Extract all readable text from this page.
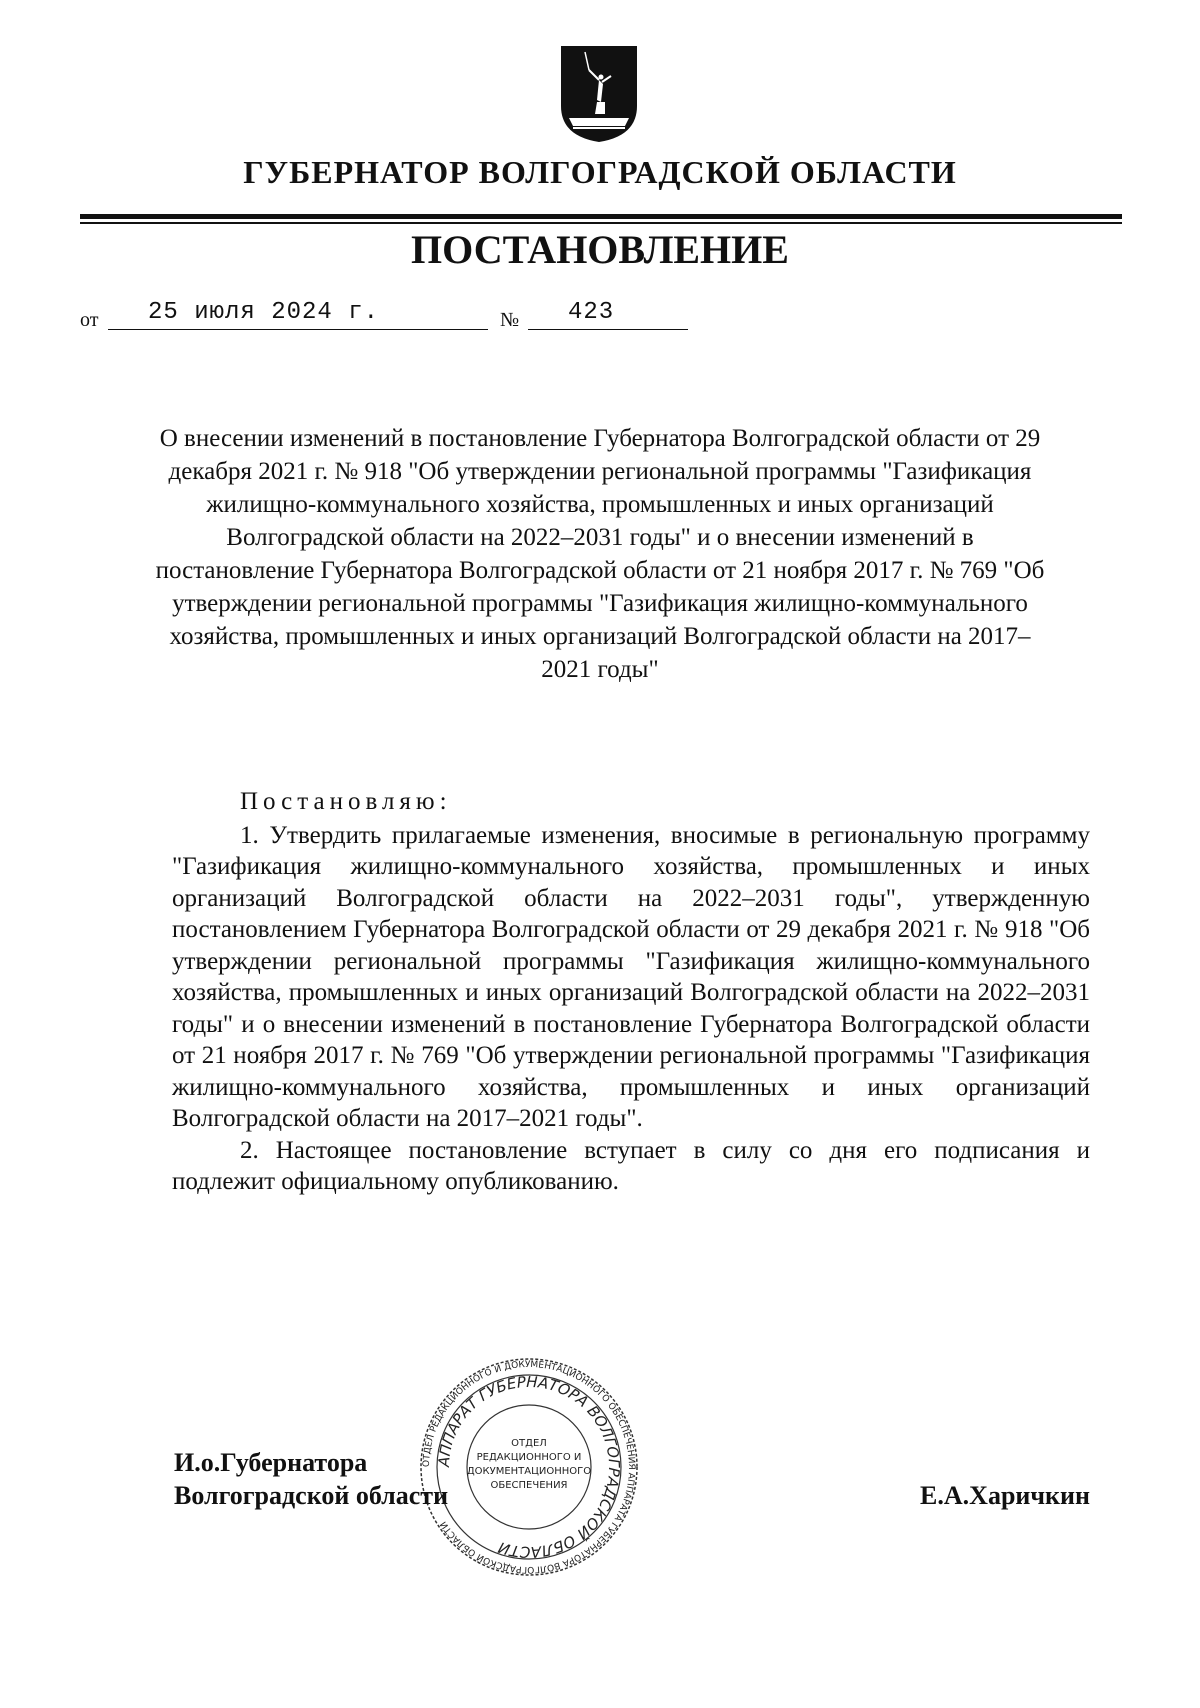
ГУБЕРНАТОР ВОЛГОГРАДСКОЙ ОБЛАСТИ
ПОСТАНОВЛЕНИЕ
от 25 июля 2024 г.	№ 423
О внесении изменений в постановление Губернатора Волгоградской области от 29 декабря 2021 г. № 918 "Об утверждении региональной программы "Газификация жилищно-коммунального хозяйства, промышленных и иных организаций Волгоградской области на 2022–2031 годы" и о внесении изменений в постановление Губернатора Волгоградской области от 21 ноября 2017 г. № 769 "Об утверждении региональной программы "Газификация жилищно-коммунального хозяйства, промышленных и иных организаций Волгоградской области на 2017–2021 годы"

Постановляю:

1. Утвердить прилагаемые изменения, вносимые в региональную программу "Газификация жилищно-коммунального хозяйства, промышленных и иных организаций Волгоградской области на 2022–2031 годы", утвержденную постановлением Губернатора Волгоградской области от 29 декабря 2021 г. № 918 "Об утверждении региональной программы "Газификация жилищно-коммунального хозяйства, промышленных и иных организаций Волгоградской области на 2022–2031 годы" и о внесении изменений в постановление Губернатора Волгоградской области от 21 ноября 2017 г. № 769 "Об утверждении региональной программы "Газификация жилищно-коммунального хозяйства, промышленных и иных организаций Волгоградской области на 2017–2021 годы".

2. Настоящее постановление вступает в силу со дня его подписания и подлежит официальному опубликованию.

ОТДЕЛ РЕДАКЦИОННОГО И ДОКУМЕНТАЦИОННОГО ОБЕСПЕЧЕНИЯ АППАРАТА ГУБЕРНАТОРА ВОЛГОГРАДСКОЙ ОБЛАСТИ
АППАРАТ ГУБЕРНАТОРА ВОЛГОГРАДСКОЙ ОБЛАСТИ
ОТДЕЛ
РЕДАКЦИОННОГО И
ДОКУМЕНТАЦИОННОГО
ОБЕСПЕЧЕНИЯ
И.о.Губернатора
Волгоградской области	Е.А.Харичкин
